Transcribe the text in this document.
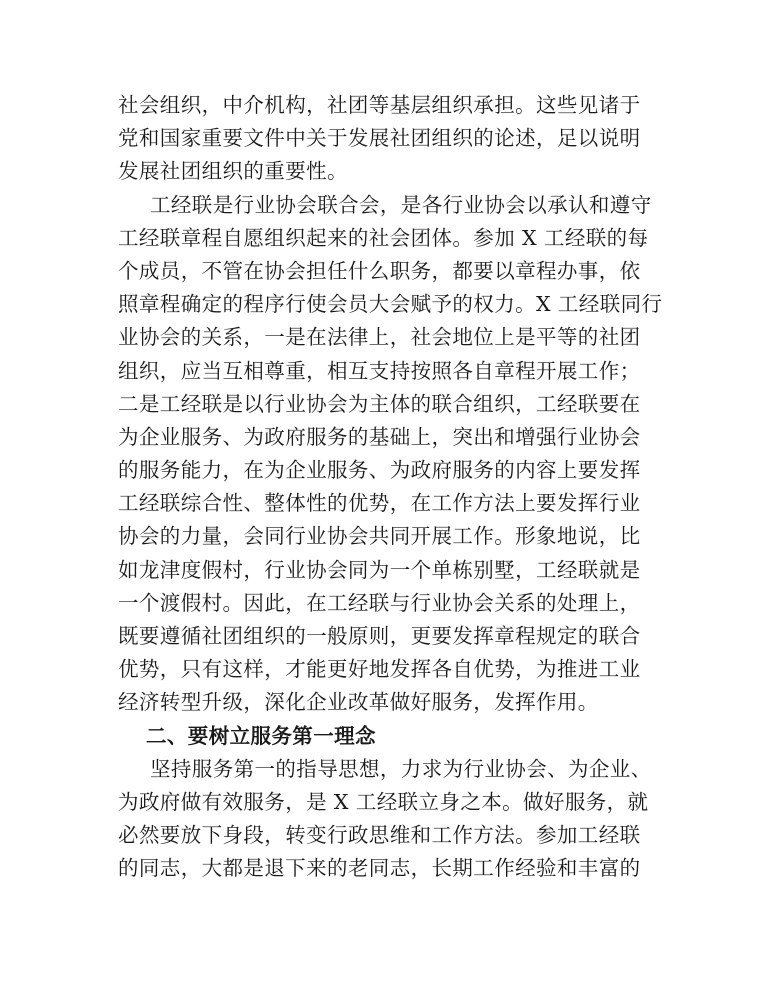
社会组织，中介机构，社团等基层组织承担。这些见诸于
党和国家重要文件中关于发展社团组织的论述，足以说明
发展社团组织的重要性。
工经联是行业协会联合会，是各行业协会以承认和遵守
工经联章程自愿组织起来的社会团体。参加 X 工经联的每
个成员，不管在协会担任什么职务，都要以章程办事，依
照章程确定的程序行使会员大会赋予的权力。X 工经联同行
业协会的关系，一是在法律上，社会地位上是平等的社团
组织，应当互相尊重，相互支持按照各自章程开展工作；
二是工经联是以行业协会为主体的联合组织，工经联要在
为企业服务、为政府服务的基础上，突出和增强行业协会
的服务能力，在为企业服务、为政府服务的内容上要发挥
工经联综合性、整体性的优势，在工作方法上要发挥行业
协会的力量，会同行业协会共同开展工作。形象地说，比
如龙津度假村，行业协会同为一个单栋别墅，工经联就是
一个渡假村。因此，在工经联与行业协会关系的处理上，
既要遵循社团组织的一般原则，更要发挥章程规定的联合
优势，只有这样，才能更好地发挥各自优势，为推进工业
经济转型升级，深化企业改革做好服务，发挥作用。
二、要树立服务第一理念
坚持服务第一的指导思想，力求为行业协会、为企业、
为政府做有效服务，是 X 工经联立身之本。做好服务，就
必然要放下身段，转变行政思维和工作方法。参加工经联
的同志，大都是退下来的老同志，长期工作经验和丰富的
